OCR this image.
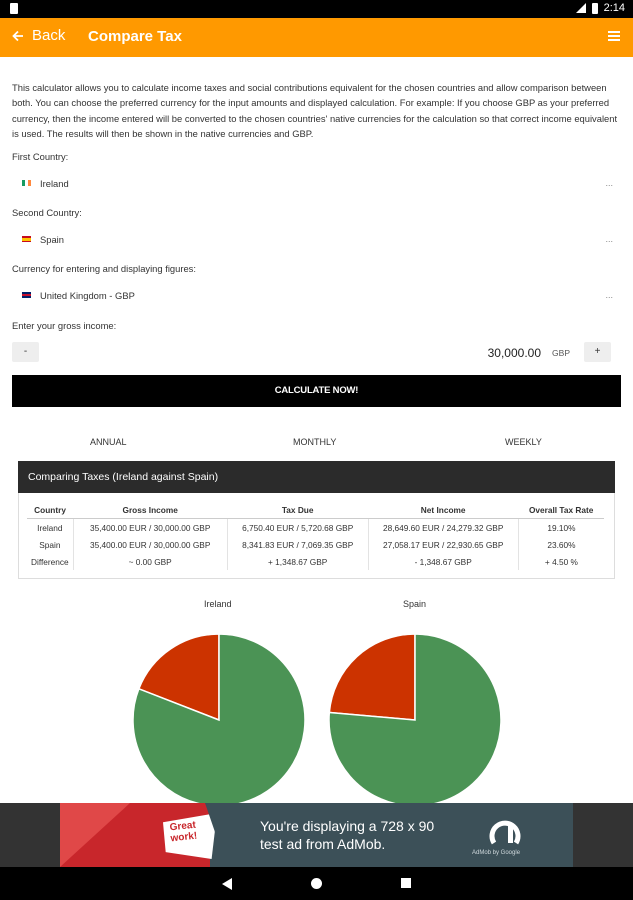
2:14
Back Compare Tax

This calculator allows you to calculate income taxes and social contributions equivalent for the chosen countries and allow comparison between both. You can choose the preferred currency for the input amounts and displayed calculation. For example: If you choose GBP as your preferred currency, then the income entered will be converted to the chosen countries' native currencies for the calculation so that correct income equivalent is used. The results will then be shown in the native currencies and GBP.

First Country:
Ireland	...
Second Country:
Spain	...
Currency for entering and displaying figures:
United Kingdom - GBP	...
Enter your gross income:
-	30,000.00 GBP	+
CALCULATE NOW!
ANNUAL	MONTHLY	WEEKLY
Comparing Taxes (Ireland against Spain)
Country	Gross Income	Tax Due	Net Income	Overall Tax Rate
Ireland	35,400.00 EUR / 30,000.00 GBP	6,750.40 EUR / 5,720.68 GBP	28,649.60 EUR / 24,279.32 GBP	19.10%
Spain	35,400.00 EUR / 30,000.00 GBP	8,341.83 EUR / 7,069.35 GBP	27,058.17 EUR / 22,930.65 GBP	23.60%
Difference	~ 0.00 GBP	+ 1,348.67 GBP	- 1,348.67 GBP	+ 4.50 %
Ireland	Spain
Great
work!
You're displaying a 728 x 90
test ad from AdMob.
AdMob by Google
